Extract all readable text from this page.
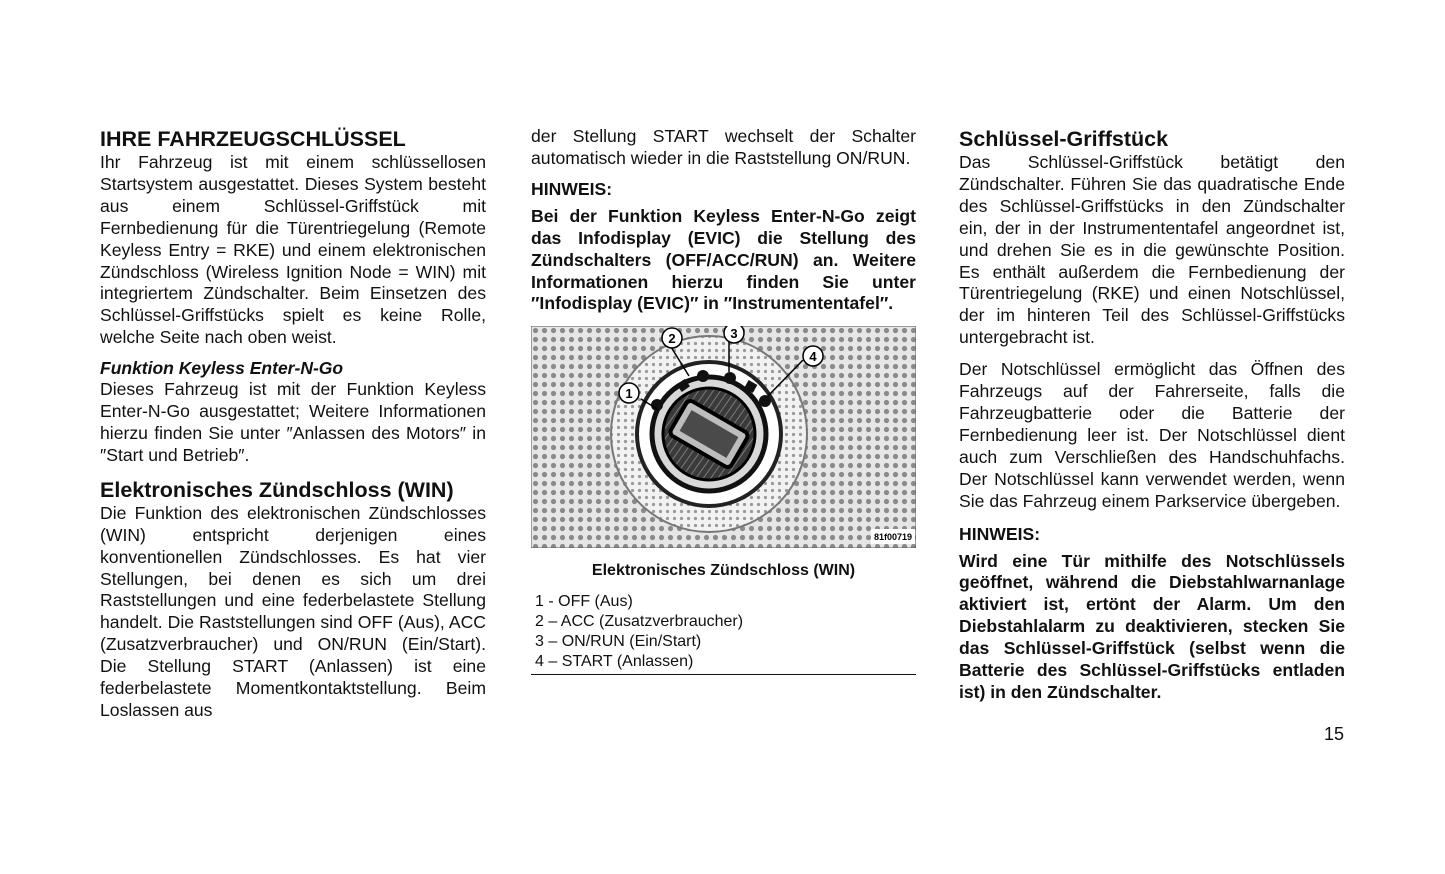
IHRE FAHRZEUGSCHLÜSSEL

Ihr Fahrzeug ist mit einem schlüssellosen Startsystem ausgestattet. Dieses System besteht aus einem Schlüssel-Griffstück mit Fernbedienung für die Türentriegelung (Remote Keyless Entry = RKE) und einem elektronischen Zündschloss (Wireless Ignition Node = WIN) mit integriertem Zündschalter. Beim Einsetzen des Schlüssel-Griffstücks spielt es keine Rolle, welche Seite nach oben weist.

Funktion Keyless Enter-N-Go

Dieses Fahrzeug ist mit der Funktion Keyless Enter-N-Go ausgestattet; Weitere Informationen hierzu finden Sie unter ″Anlassen des Motors″ in ″Start und Betrieb″.

Elektronisches Zündschloss (WIN)

Die Funktion des elektronischen Zündschlosses (WIN) entspricht derjenigen eines konventionellen Zündschlosses. Es hat vier Stellungen, bei denen es sich um drei Raststellungen und eine federbelastete Stellung handelt. Die Raststellungen sind OFF (Aus), ACC (Zusatzverbraucher) und ON/RUN (Ein/Start). Die Stellung START (Anlassen) ist eine federbelastete Momentkontaktstellung. Beim Loslassen aus

der Stellung START wechselt der Schalter automatisch wieder in die Raststellung ON/RUN.

HINWEIS:

Bei der Funktion Keyless Enter-N-Go zeigt das Infodisplay (EVIC) die Stellung des Zündschalters (OFF/ACC/RUN) an. Weitere Informationen hierzu finden Sie unter ″Infodisplay (EVIC)″ in ″Instrumententafel″.

1
2	3
4
81f00719

Elektronisches Zündschloss (WIN)

1 - OFF (Aus)
2 – ACC (Zusatzverbraucher)
3 – ON/RUN (Ein/Start)
4 – START (Anlassen)
Schlüssel-Griffstück

Das Schlüssel-Griffstück betätigt den Zündschalter. Führen Sie das quadratische Ende des Schlüssel-Griffstücks in den Zündschalter ein, der in der Instrumententafel angeordnet ist, und drehen Sie es in die gewünschte Position. Es enthält außerdem die Fernbedienung der Türentriegelung (RKE) und einen Notschlüssel, der im hinteren Teil des Schlüssel-Griffstücks untergebracht ist.

Der Notschlüssel ermöglicht das Öffnen des Fahrzeugs auf der Fahrerseite, falls die Fahrzeugbatterie oder die Batterie der Fernbedienung leer ist. Der Notschlüssel dient auch zum Verschließen des Handschuhfachs. Der Notschlüssel kann verwendet werden, wenn Sie das Fahrzeug einem Parkservice übergeben.

HINWEIS:

Wird eine Tür mithilfe des Notschlüssels geöffnet, während die Diebstahlwarnanlage aktiviert ist, ertönt der Alarm. Um den Diebstahlalarm zu deaktivieren, stecken Sie das Schlüssel-Griffstück (selbst wenn die Batterie des Schlüssel-Griffstücks entladen ist) in den Zündschalter.

15
